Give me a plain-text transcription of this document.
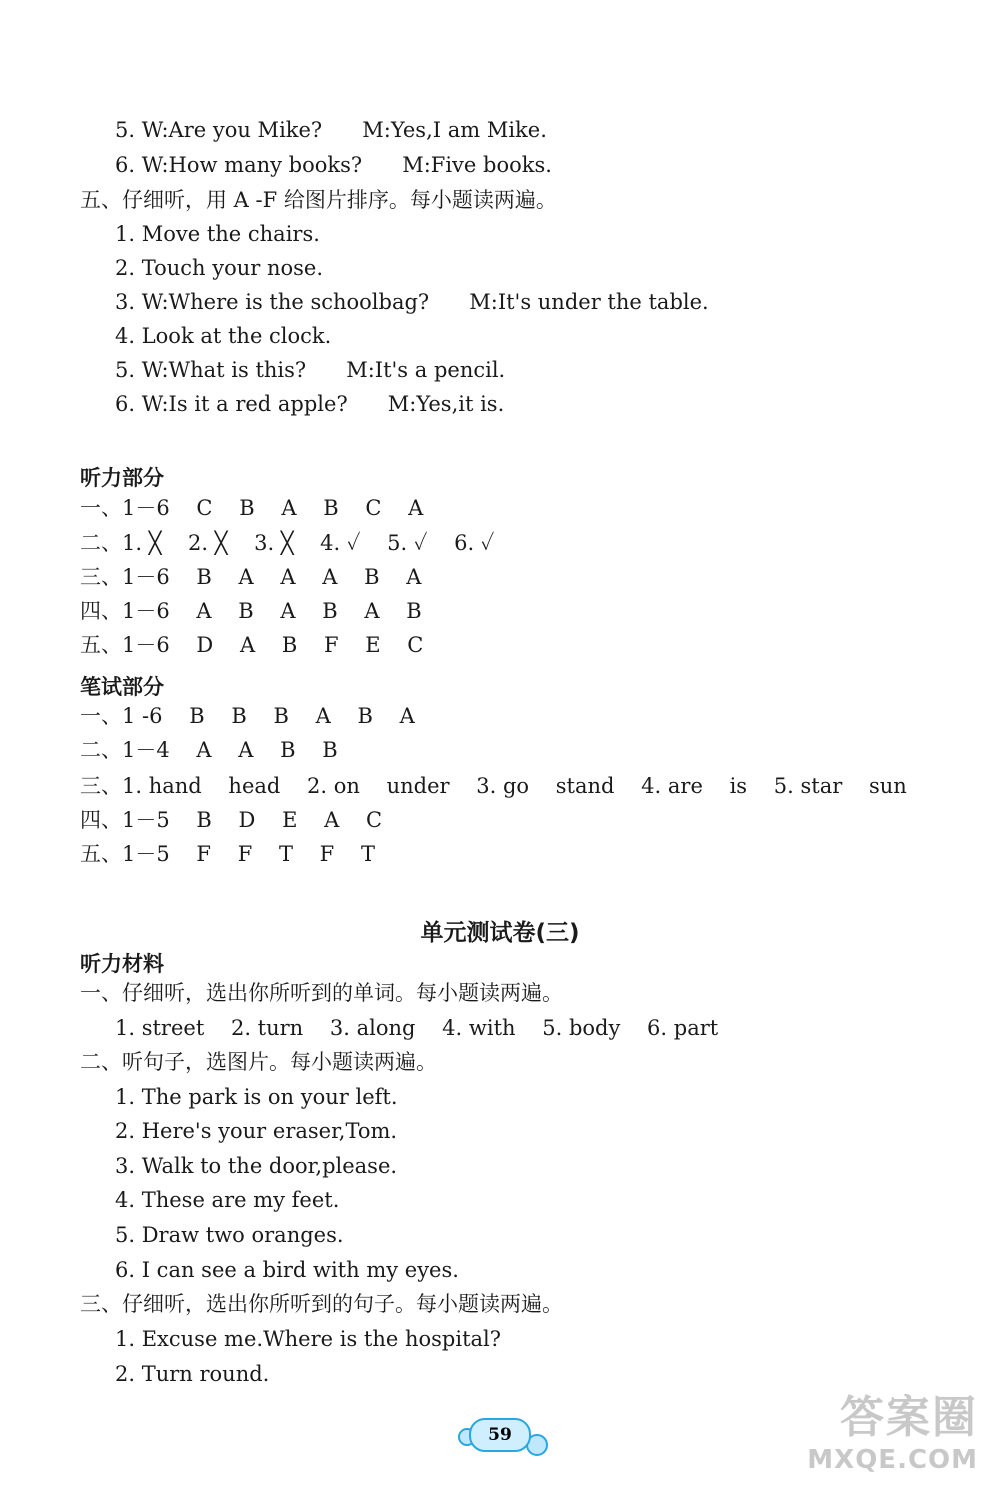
5. W:Are you Mike?      M:Yes,I am Mike.
6. W:How many books?      M:Five books.
五、仔细听，用 A -F 给图片排序。每小题读两遍。
1. Move the chairs.
2. Touch your nose.
3. W:Where is the schoolbag?      M:It's under the table.
4. Look at the clock.
5. W:What is this?      M:It's a pencil.
6. W:Is it a red apple?      M:Yes,it is.
听力部分
一、1－6    C    B    A    B    C    A
二、1. ╳    2. ╳    3. ╳    4. ✓    5. ✓    6. ✓
三、1－6    B    A    A    A    B    A
四、1－6    A    B    A    B    A    B
五、1－6    D    A    B    F    E    C
笔试部分
一、1 -6    B    B    B    A    B    A
二、1－4    A    A    B    B
三、1. hand    head    2. on    under    3. go    stand    4. are    is    5. star    sun
四、1－5    B    D    E    A    C
五、1－5    F    F    T    F    T
单元测试卷(三)
听力材料
一、仔细听，选出你所听到的单词。每小题读两遍。
1. street    2. turn    3. along    4. with    5. body    6. part
二、听句子，选图片。每小题读两遍。
1. The park is on your left.
2. Here's your eraser,Tom.
3. Walk to the door,please.
4. These are my feet.
5. Draw two oranges.
6. I can see a bird with my eyes.
三、仔细听，选出你所听到的句子。每小题读两遍。
1. Excuse me.Where is the hospital?
2. Turn round.
59	答案圈
MXQE.COM
